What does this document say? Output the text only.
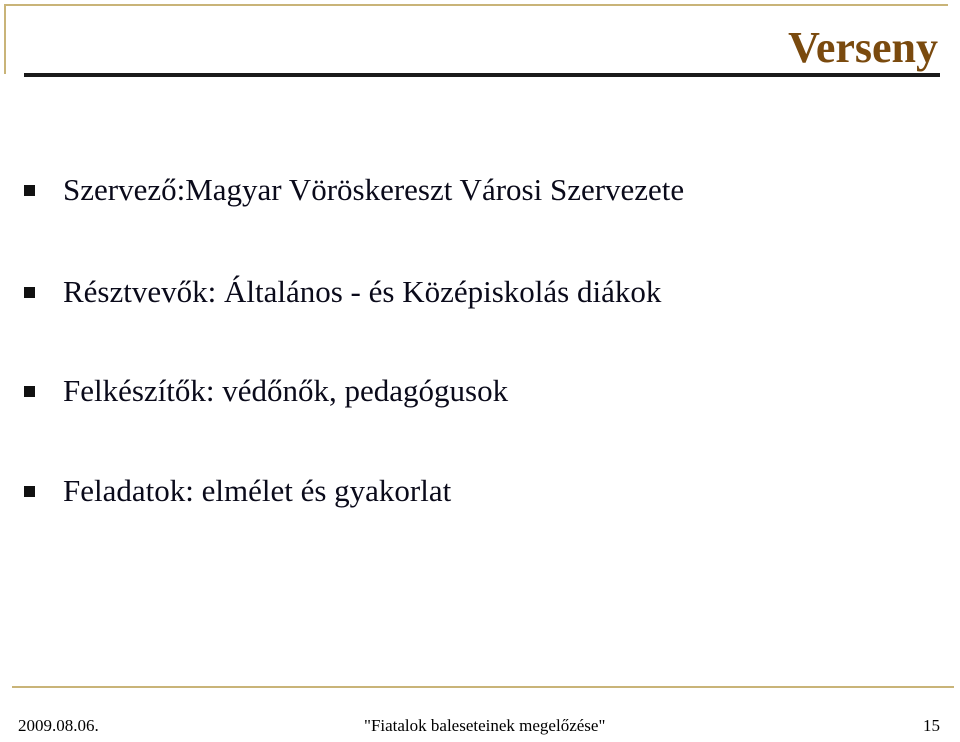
Verseny
Szervező:Magyar Vöröskereszt Városi Szervezete
Résztvevők: Általános - és Középiskolás diákok
Felkészítők: védőnők, pedagógusok
Feladatok: elmélet és gyakorlat
2009.08.06.	"Fiatalok baleseteinek megelőzése"	15
